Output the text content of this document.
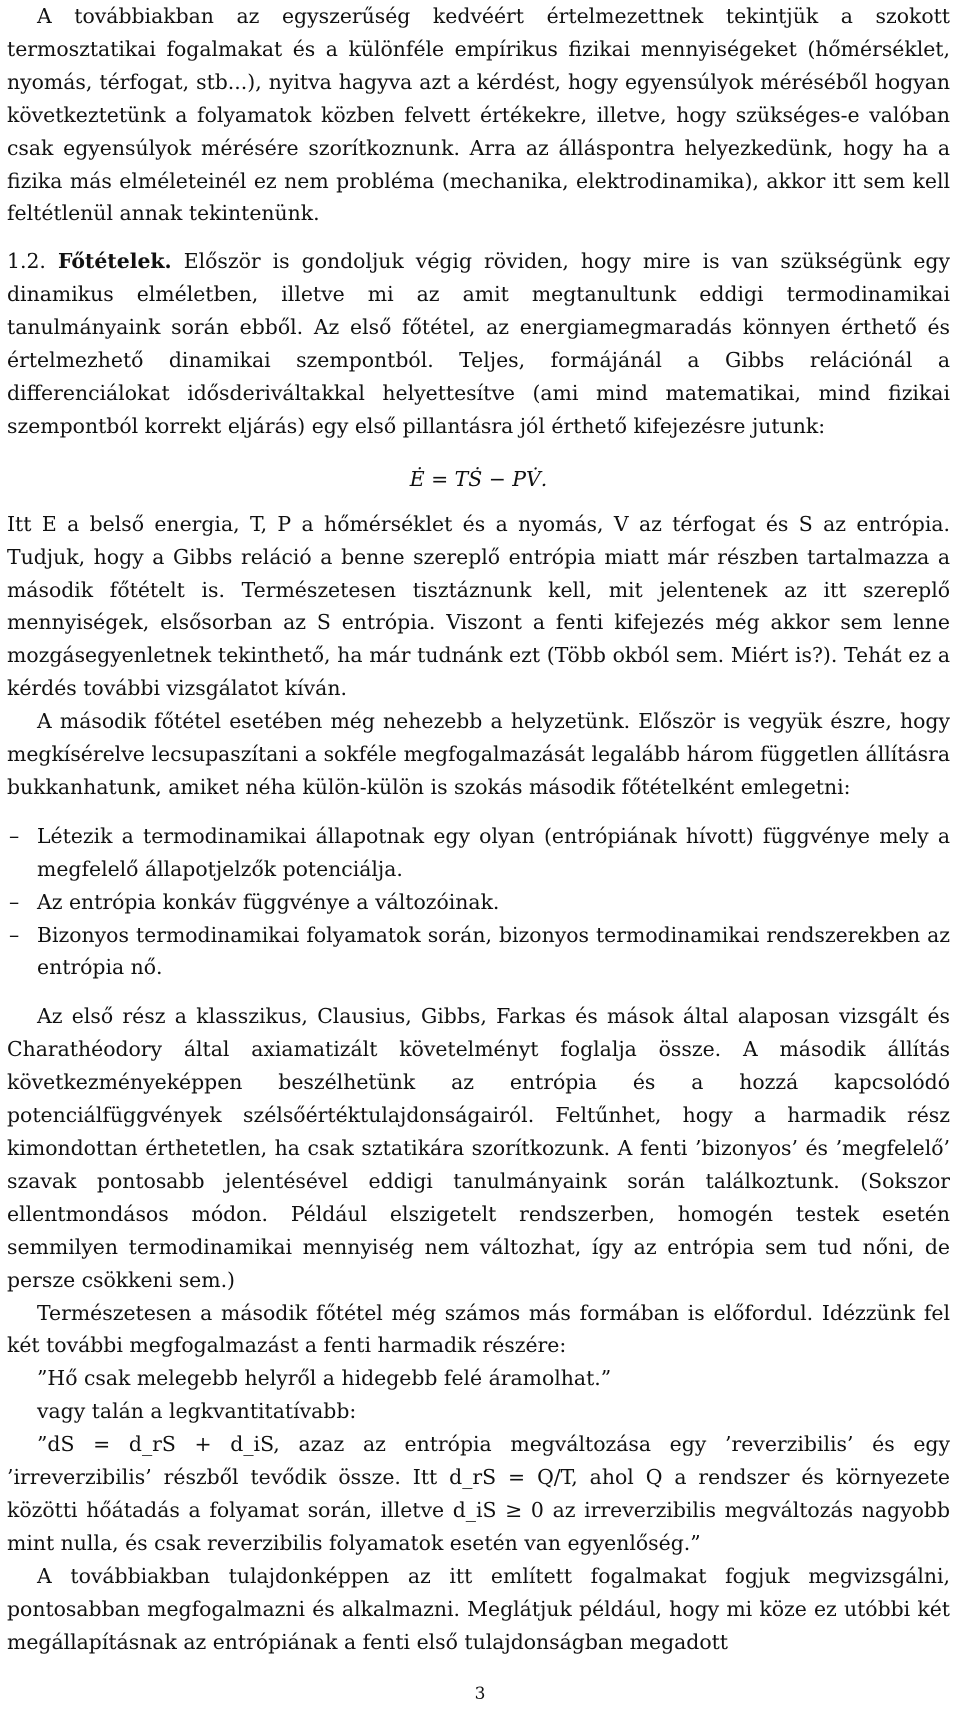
A továbbiakban az egyszerűség kedvéért értelmezettnek tekintjük a szokott termosztatikai fogalmakat és a különféle empírikus fizikai mennyiségeket (hőmérséklet, nyomás, térfogat, stb...), nyitva hagyva azt a kérdést, hogy egyensúlyok méréséből hogyan következtetünk a folyamatok közben felvett értékekre, illetve, hogy szükséges-e valóban csak egyensúlyok mérésére szorítkoznunk. Arra az álláspontra helyezkedünk, hogy ha a fizika más elméleteinél ez nem probléma (mechanika, elektrodinamika), akkor itt sem kell feltétlenül annak tekintenünk.

1.2. Főtételek. Először is gondoljuk végig röviden, hogy mire is van szükségünk egy dinamikus elméletben, illetve mi az amit megtanultunk eddigi termodinamikai tanulmányaink során ebből. Az első főtétel, az energiamegmaradás könnyen érthető és értelmezhető dinamikai szempontból. Teljes, formájánál a Gibbs relációnál a differenciálokat idősderiváltakkal helyettesítve (ami mind matematikai, mind fizikai szempontból korrekt eljárás) egy első pillantásra jól érthető kifejezésre jutunk:

Ė = TṠ − PV̇.

Itt E a belső energia, T, P a hőmérséklet és a nyomás, V az térfogat és S az entrópia. Tudjuk, hogy a Gibbs reláció a benne szereplő entrópia miatt már részben tartalmazza a második főtételt is. Természetesen tisztáznunk kell, mit jelentenek az itt szereplő mennyiségek, elsősorban az S entrópia. Viszont a fenti kifejezés még akkor sem lenne mozgásegyenletnek tekinthető, ha már tudnánk ezt (Több okból sem. Miért is?). Tehát ez a kérdés további vizsgálatot kíván.

A második főtétel esetében még nehezebb a helyzetünk. Először is vegyük észre, hogy megkísérelve lecsupaszítani a sokféle megfogalmazását legalább három független állításra bukkanhatunk, amiket néha külön-külön is szokás második főtételként emlegetni:

– Létezik a termodinamikai állapotnak egy olyan (entrópiának hívott) függvénye mely a megfelelő állapotjelzők potenciálja.
– Az entrópia konkáv függvénye a változóinak.
– Bizonyos termodinamikai folyamatok során, bizonyos termodinamikai rendszerekben az entrópia nő.

Az első rész a klasszikus, Clausius, Gibbs, Farkas és mások által alaposan vizsgált és Charathéodory által axiamatizált követelményt foglalja össze. A második állítás következményeképpen beszélhetünk az entrópia és a hozzá kapcsolódó potenciálfüggvények szélsőértéktulajdonságairól. Feltűnhet, hogy a harmadik rész kimondottan érthetetlen, ha csak sztatikára szorítkozunk. A fenti ’bizonyos’ és ’megfelelő’ szavak pontosabb jelentésével eddigi tanulmányaink során találkoztunk. (Sokszor ellentmondásos módon. Például elszigetelt rendszerben, homogén testek esetén semmilyen termodinamikai mennyiség nem változhat, így az entrópia sem tud nőni, de persze csökkeni sem.)

Természetesen a második főtétel még számos más formában is előfordul. Idézzünk fel két további megfogalmazást a fenti harmadik részére:

”Hő csak melegebb helyről a hidegebb felé áramolhat.”

vagy talán a legkvantitatívabb:

”dS = d_rS + d_iS, azaz az entrópia megváltozása egy ’reverzibilis’ és egy ’irreverzibilis’ részből tevődik össze. Itt d_rS = Q/T, ahol Q a rendszer és környezete közötti hőátadás a folyamat során, illetve d_iS ≥ 0 az irreverzibilis megváltozás nagyobb mint nulla, és csak reverzibilis folyamatok esetén van egyenlőség.”

A továbbiakban tulajdonképpen az itt említett fogalmakat fogjuk megvizsgálni, pontosabban megfogalmazni és alkalmazni. Meglátjuk például, hogy mi köze ez utóbbi két megállapításnak az entrópiának a fenti első tulajdonságban megadott

3
